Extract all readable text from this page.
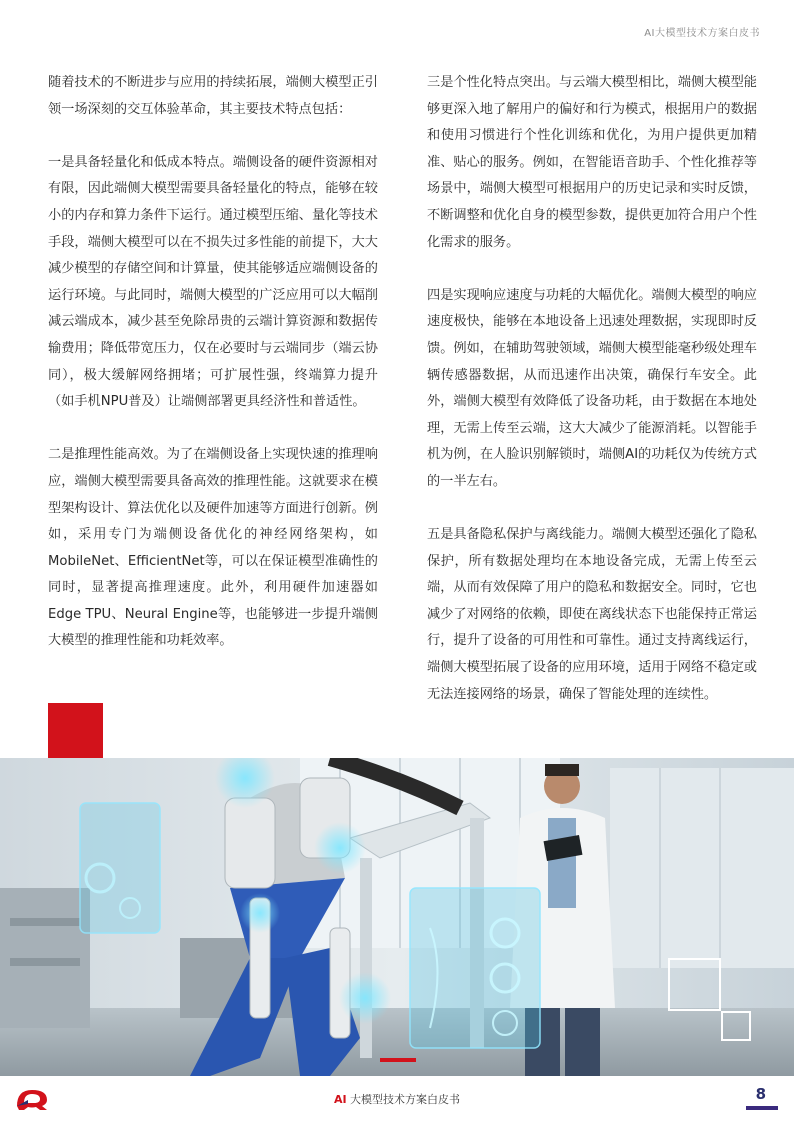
AI大模型技术方案白皮书

随着技术的不断进步与应用的持续拓展，端侧大模型正引领一场深刻的交互体验革命，其主要技术特点包括：

一是具备轻量化和低成本特点。端侧设备的硬件资源相对有限，因此端侧大模型需要具备轻量化的特点，能够在较小的内存和算力条件下运行。通过模型压缩、量化等技术手段，端侧大模型可以在不损失过多性能的前提下，大大减少模型的存储空间和计算量，使其能够适应端侧设备的运行环境。与此同时，端侧大模型的广泛应用可以大幅削减云端成本，减少甚至免除昂贵的云端计算资源和数据传输费用；降低带宽压力，仅在必要时与云端同步（端云协同），极大缓解网络拥堵；可扩展性强，终端算力提升（如手机NPU普及）让端侧部署更具经济性和普适性。

二是推理性能高效。为了在端侧设备上实现快速的推理响应，端侧大模型需要具备高效的推理性能。这就要求在模型架构设计、算法优化以及硬件加速等方面进行创新。例如，采用专门为端侧设备优化的神经网络架构，如MobileNet、EfficientNet等，可以在保证模型准确性的同时，显著提高推理速度。此外，利用硬件加速器如Edge TPU、Neural Engine等，也能够进一步提升端侧大模型的推理性能和功耗效率。

三是个性化特点突出。与云端大模型相比，端侧大模型能够更深入地了解用户的偏好和行为模式，根据用户的数据和使用习惯进行个性化训练和优化，为用户提供更加精准、贴心的服务。例如，在智能语音助手、个性化推荐等场景中，端侧大模型可根据用户的历史记录和实时反馈，不断调整和优化自身的模型参数，提供更加符合用户个性化需求的服务。

四是实现响应速度与功耗的大幅优化。端侧大模型的响应速度极快，能够在本地设备上迅速处理数据，实现即时反馈。例如，在辅助驾驶领域，端侧大模型能毫秒级处理车辆传感器数据，从而迅速作出决策，确保行车安全。此外，端侧大模型有效降低了设备功耗，由于数据在本地处理，无需上传至云端，这大大减少了能源消耗。以智能手机为例，在人脸识别解锁时，端侧AI的功耗仅为传统方式的一半左右。

五是具备隐私保护与离线能力。端侧大模型还强化了隐私保护，所有数据处理均在本地设备完成，无需上传至云端，从而有效保障了用户的隐私和数据安全。同时，它也减少了对网络的依赖，即使在离线状态下也能保持正常运行，提升了设备的可用性和可靠性。通过支持离线运行，端侧大模型拓展了设备的应用环境，适用于网络不稳定或无法连接网络的场景，确保了智能处理的连续性。

AI 大模型技术方案白皮书	8
